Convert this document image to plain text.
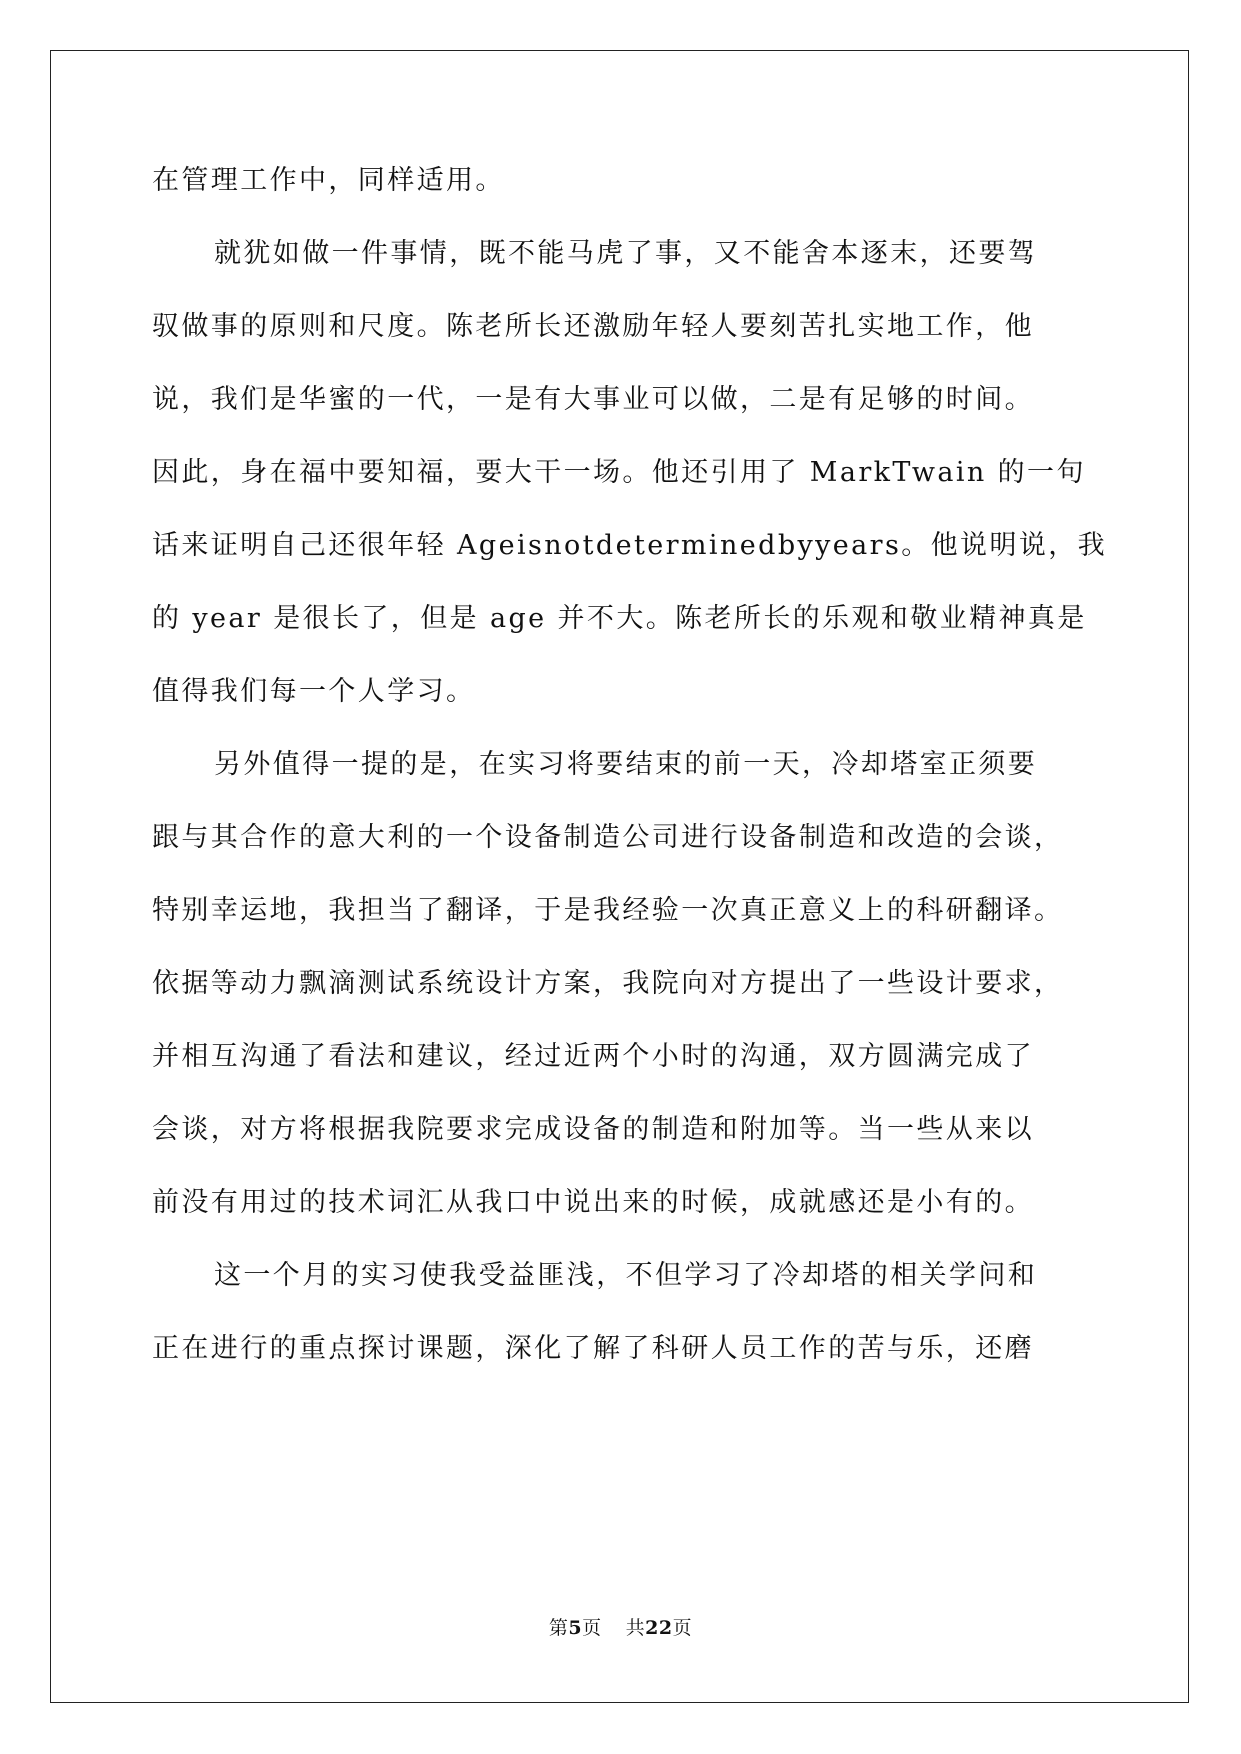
在管理工作中，同样适用。
就犹如做一件事情，既不能马虎了事，又不能舍本逐末，还要驾
驭做事的原则和尺度。陈老所长还激励年轻人要刻苦扎实地工作，他
说，我们是华蜜的一代，一是有大事业可以做，二是有足够的时间。
因此，身在福中要知福，要大干一场。他还引用了 MarkTwain 的一句
话来证明自己还很年轻 Ageisnotdeterminedbyyears。他说明说，我
的 year 是很长了，但是 age 并不大。陈老所长的乐观和敬业精神真是
值得我们每一个人学习。
另外值得一提的是，在实习将要结束的前一天，冷却塔室正须要
跟与其合作的意大利的一个设备制造公司进行设备制造和改造的会谈，
特别幸运地，我担当了翻译，于是我经验一次真正意义上的科研翻译。
依据等动力飘滴测试系统设计方案，我院向对方提出了一些设计要求，
并相互沟通了看法和建议，经过近两个小时的沟通，双方圆满完成了
会谈，对方将根据我院要求完成设备的制造和附加等。当一些从来以
前没有用过的技术词汇从我口中说出来的时候，成就感还是小有的。
这一个月的实习使我受益匪浅，不但学习了冷却塔的相关学问和
正在进行的重点探讨课题，深化了解了科研人员工作的苦与乐，还磨
第5页 共22页
